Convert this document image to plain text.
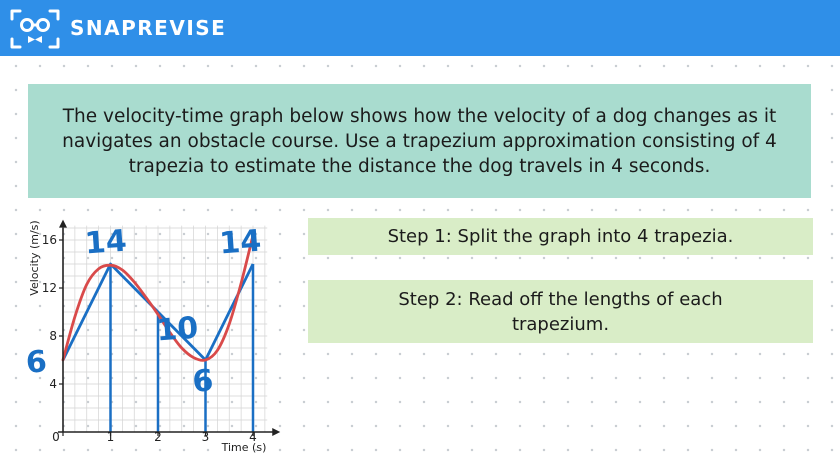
SNAPREVISE
The velocity-time graph below shows how the velocity of a dog changes as it navigates an obstacle course. Use a trapezium approximation consisting of 4 trapezia to estimate the distance the dog travels in 4 seconds.
Step 1: Split the graph into 4 trapezia.
Step 2: Read off the lengths of each trapezium.
0	1	2	3	4
4
8
12
16
6
14
10
6
14
Time (s)
Velocity (m/s)
